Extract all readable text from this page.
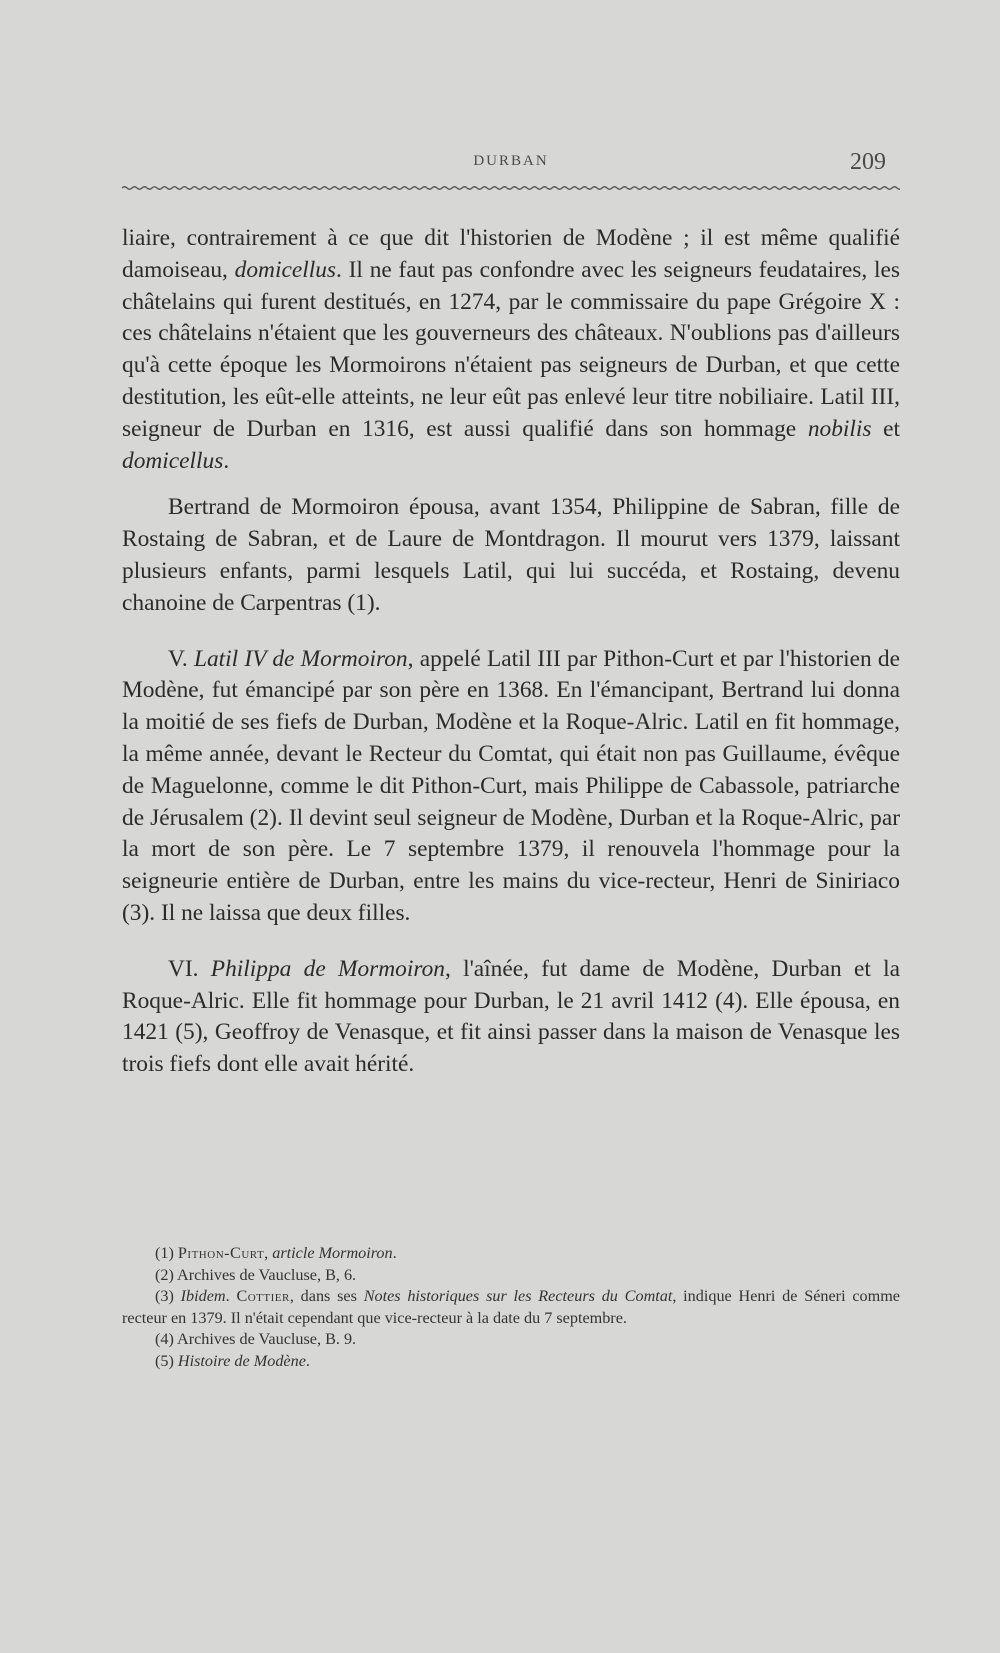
DURBAN	209

liaire, contrairement à ce que dit l'historien de Modène ; il est même qualifié damoiseau, domicellus. Il ne faut pas confondre avec les seigneurs feudataires, les châtelains qui furent destitués, en 1274, par le commissaire du pape Grégoire X : ces châtelains n'étaient que les gouverneurs des châteaux. N'oublions pas d'ailleurs qu'à cette époque les Mormoirons n'étaient pas seigneurs de Durban, et que cette destitution, les eût-elle atteints, ne leur eût pas enlevé leur titre nobiliaire. Latil III, seigneur de Durban en 1316, est aussi qualifié dans son hommage nobilis et domicellus.

Bertrand de Mormoiron épousa, avant 1354, Philippine de Sabran, fille de Rostaing de Sabran, et de Laure de Montdragon. Il mourut vers 1379, laissant plusieurs enfants, parmi lesquels Latil, qui lui succéda, et Rostaing, devenu chanoine de Carpentras (1).

V. Latil IV de Mormoiron, appelé Latil III par Pithon-Curt et par l'historien de Modène, fut émancipé par son père en 1368. En l'émancipant, Bertrand lui donna la moitié de ses fiefs de Durban, Modène et la Roque-Alric. Latil en fit hommage, la même année, devant le Recteur du Comtat, qui était non pas Guillaume, évêque de Maguelonne, comme le dit Pithon-Curt, mais Philippe de Cabassole, patriarche de Jérusalem (2). Il devint seul seigneur de Modène, Durban et la Roque-Alric, par la mort de son père. Le 7 septembre 1379, il renouvela l'hommage pour la seigneurie entière de Durban, entre les mains du vice-recteur, Henri de Siniriaco (3). Il ne laissa que deux filles.

VI. Philippa de Mormoiron, l'aînée, fut dame de Modène, Durban et la Roque-Alric. Elle fit hommage pour Durban, le 21 avril 1412 (4). Elle épousa, en 1421 (5), Geoffroy de Venasque, et fit ainsi passer dans la maison de Venasque les trois fiefs dont elle avait hérité.

(1) Pithon-Curt, article Mormoiron.

(2) Archives de Vaucluse, B, 6.

(3) Ibidem. Cottier, dans ses Notes historiques sur les Recteurs du Comtat, indique Henri de Séneri comme recteur en 1379. Il n'était cependant que vice-recteur à la date du 7 septembre.

(4) Archives de Vaucluse, B. 9.

(5) Histoire de Modène.
